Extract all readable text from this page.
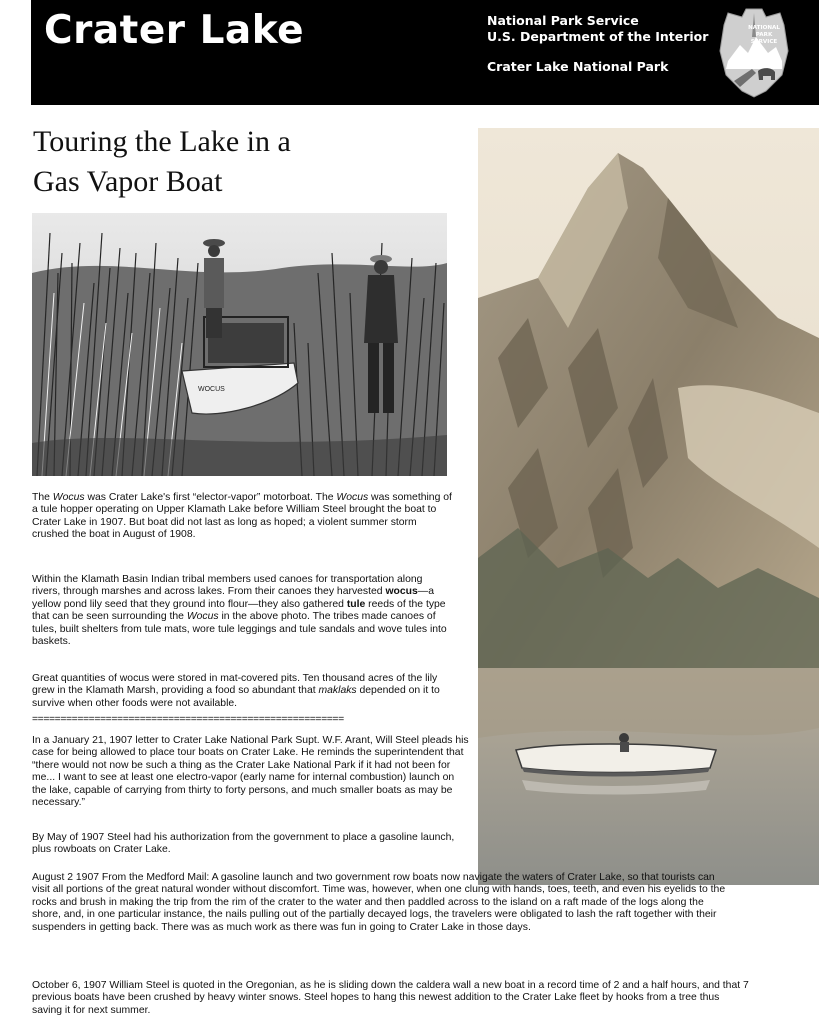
Crater Lake	National Park Service
U.S. Department of the Interior
Crater Lake National Park
NATIONAL
PARK
SERVICE
Touring the Lake in a
Gas Vapor Boat
WOCUS

The Wocus was Crater Lake's first “elector-vapor” motorboat. The Wocus was something of a tule hopper operating on Upper Klamath Lake before William Steel brought the boat to Crater Lake in 1907. But boat did not last as long as hoped; a violent summer storm crushed the boat in August of 1908.

Within the Klamath Basin Indian tribal members used canoes for transportation along rivers, through marshes and across lakes. From their canoes they harvested wocus—a yellow pond lily seed that they ground into flour—they also gathered tule reeds of the type that can be seen surrounding the Wocus in the above photo. The tribes made canoes of tules, built shelters from tule mats, wore tule leggings and tule sandals and wove tules into baskets.

Great quantities of wocus were stored in mat-covered pits. Ten thousand acres of the lily grew in the Klamath Marsh, providing a food so abundant that maklaks depended on it to survive when other foods were not available.

=======================================================

In a January 21, 1907 letter to Crater Lake National Park Supt. W.F. Arant, Will Steel pleads his case for being allowed to place tour boats on Crater Lake. He reminds the superintendent that “there would not now be such a thing as the Crater Lake National Park if it had not been for me... I want to see at least one electro-vapor (early name for internal combustion) launch on the lake, capable of carrying from thirty to forty persons, and much smaller boats as may be necessary.”

By May of 1907 Steel had his authorization from the government to place a gasoline launch, plus rowboats on Crater Lake.

August 2 1907 From the Medford Mail: A gasoline launch and two government row boats now navigate the waters of Crater Lake, so that tourists can visit all portions of the great natural wonder without discomfort. Time was, however, when one clung with hands, toes, teeth, and even his eyelids to the rocks and brush in making the trip from the rim of the crater to the water and then paddled across to the island on a raft made of the logs along the shore, and, in one particular instance, the nails pulling out of the partially decayed logs, the travelers were obligated to lash the raft together with their suspenders in getting back. There was as much work as there was fun in going to Crater Lake in those days.

October 6, 1907 William Steel is quoted in the Oregonian, as he is sliding down the caldera wall a new boat in a record time of 2 and a half hours, and that 7 previous boats have been crushed by heavy winter snows. Steel hopes to hang this newest addition to the Crater Lake fleet by hooks from a tree thus saving it for next summer.
